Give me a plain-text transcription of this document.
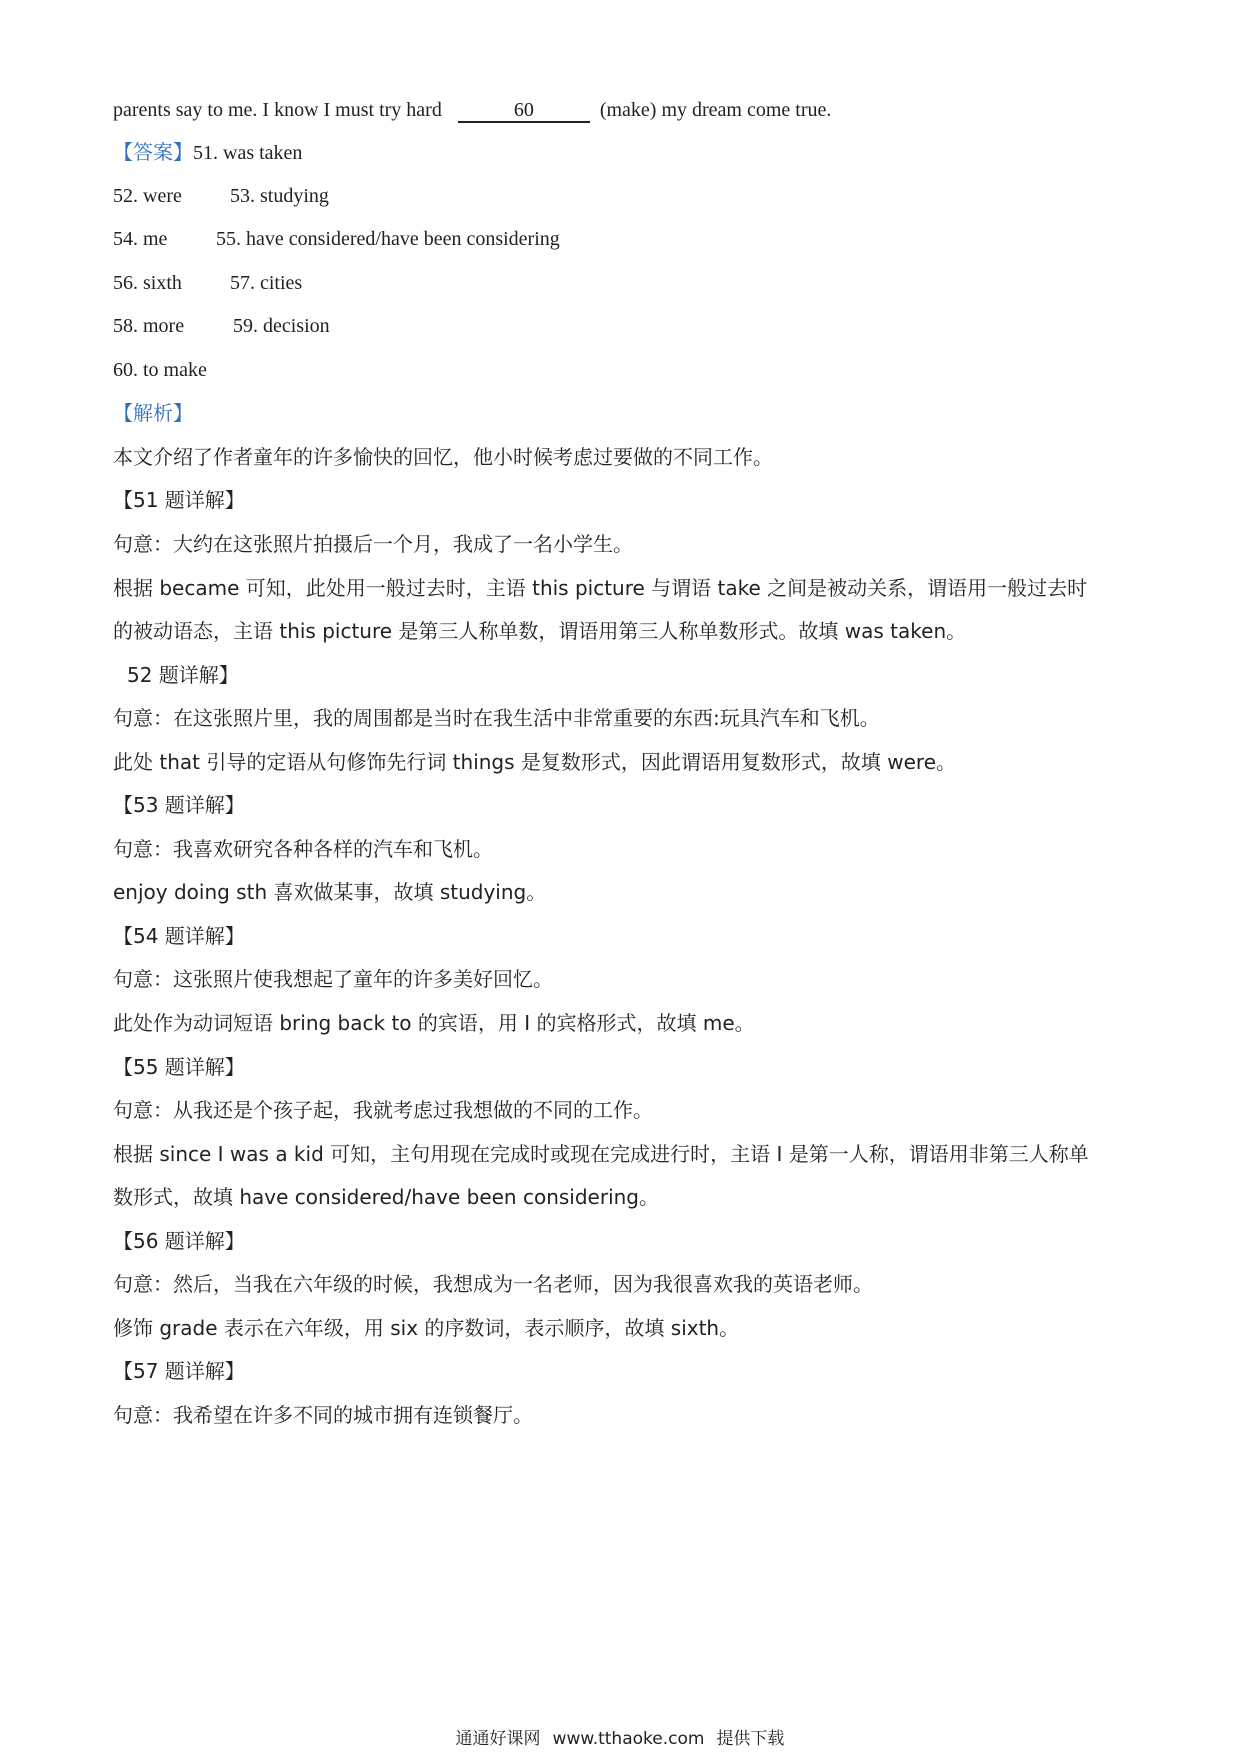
parents say to me. I know I must try hard	60	(make) my dream come true.
【答案】51. was taken
52. were 53. studying
54. me 55. have considered/have been considering
56. sixth 57. cities
58. more 59. decision
60. to make
【解析】
本文介绍了作者童年的许多愉快的回忆，他小时候考虑过要做的不同工作。
【51 题详解】
句意：大约在这张照片拍摄后一个月，我成了一名小学生。
根据 became 可知，此处用一般过去时，主语 this picture 与谓语 take 之间是被动关系，谓语用一般过去时
的被动语态，主语 this picture 是第三人称单数，谓语用第三人称单数形式。故填 was taken。
52 题详解】
句意：在这张照片里，我的周围都是当时在我生活中非常重要的东西:玩具汽车和飞机。
此处 that 引导的定语从句修饰先行词 things 是复数形式，因此谓语用复数形式，故填 were。
【53 题详解】
句意：我喜欢研究各种各样的汽车和飞机。
enjoy doing sth 喜欢做某事，故填 studying。
【54 题详解】
句意：这张照片使我想起了童年的许多美好回忆。
此处作为动词短语 bring back to 的宾语，用 I 的宾格形式，故填 me。
【55 题详解】
句意：从我还是个孩子起，我就考虑过我想做的不同的工作。
根据 since I was a kid 可知，主句用现在完成时或现在完成进行时，主语 I 是第一人称，谓语用非第三人称单
数形式，故填 have considered/have been considering。
【56 题详解】
句意：然后，当我在六年级的时候，我想成为一名老师，因为我很喜欢我的英语老师。
修饰 grade 表示在六年级，用 six 的序数词，表示顺序，故填 sixth。
【57 题详解】
句意：我希望在许多不同的城市拥有连锁餐厅。
通通好课网 www.tthaoke.com 提供下载
